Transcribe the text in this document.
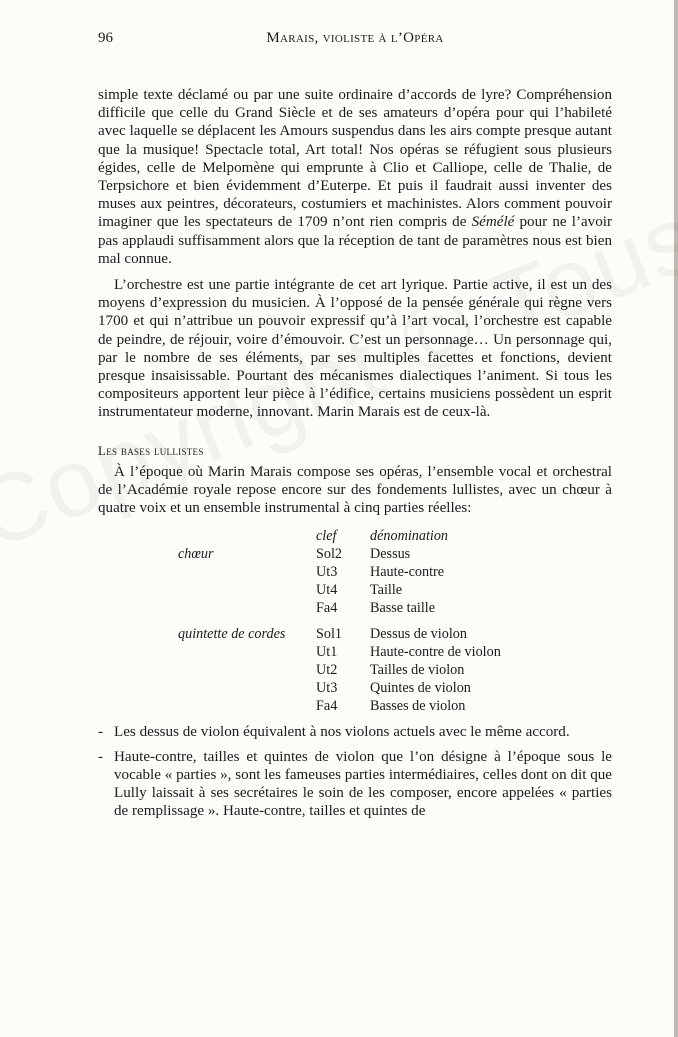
96	Marais, violiste à l’Opéra

simple texte déclamé ou par une suite ordinaire d’accords de lyre? Compréhension difficile que celle du Grand Siècle et de ses amateurs d’opéra pour qui l’habileté avec laquelle se déplacent les Amours suspendus dans les airs compte presque autant que la musique! Spectacle total, Art total! Nos opéras se réfugient sous plusieurs égides, celle de Melpomène qui emprunte à Clio et Calliope, celle de Thalie, de Terpsichore et bien évidemment d’Euterpe. Et puis il faudrait aussi inventer des muses aux peintres, décorateurs, costumiers et machinistes. Alors comment pouvoir imaginer que les spectateurs de 1709 n’ont rien compris de Sémélé pour ne l’avoir pas applaudi suffisamment alors que la réception de tant de paramètres nous est bien mal connue.

L’orchestre est une partie intégrante de cet art lyrique. Partie active, il est un des moyens d’expression du musicien. À l’opposé de la pensée générale qui règne vers 1700 et qui n’attribue un pouvoir expressif qu’à l’art vocal, l’orchestre est capable de peindre, de réjouir, voire d’émouvoir. C’est un personnage… Un personnage qui, par le nombre de ses éléments, par ses multiples facettes et fonctions, devient presque insaisissable. Pourtant des mécanismes dialectiques l’animent. Si tous les compositeurs apportent leur pièce à l’édifice, certains musiciens possèdent un esprit instrumentateur moderne, innovant. Marin Marais est de ceux-là.

Les bases lullistes

À l’époque où Marin Marais compose ses opéras, l’ensemble vocal et orchestral de l’Académie royale repose encore sur des fondements lullistes, avec un chœur à quatre voix et un ensemble instrumental à cinq parties réelles:

	clef	dénomination
chœur	Sol2	Dessus
	Ut3	Haute-contre
	Ut4	Taille
	Fa4	Basse taille
quintette de cordes	Sol1	Dessus de violon
	Ut1	Haute-contre de violon
	Ut2	Tailles de violon
	Ut3	Quintes de violon
	Fa4	Basses de violon
- Les dessus de violon équivalent à nos violons actuels avec le même accord.
- Haute-contre, tailles et quintes de violon que l’on désigne à l’époque sous le vocable « parties », sont les fameuses parties intermédiaires, celles dont on dit que Lully laissait à ses secrétaires le soin de les composer, encore appelées « parties de remplissage ». Haute-contre, tailles et quintes de
